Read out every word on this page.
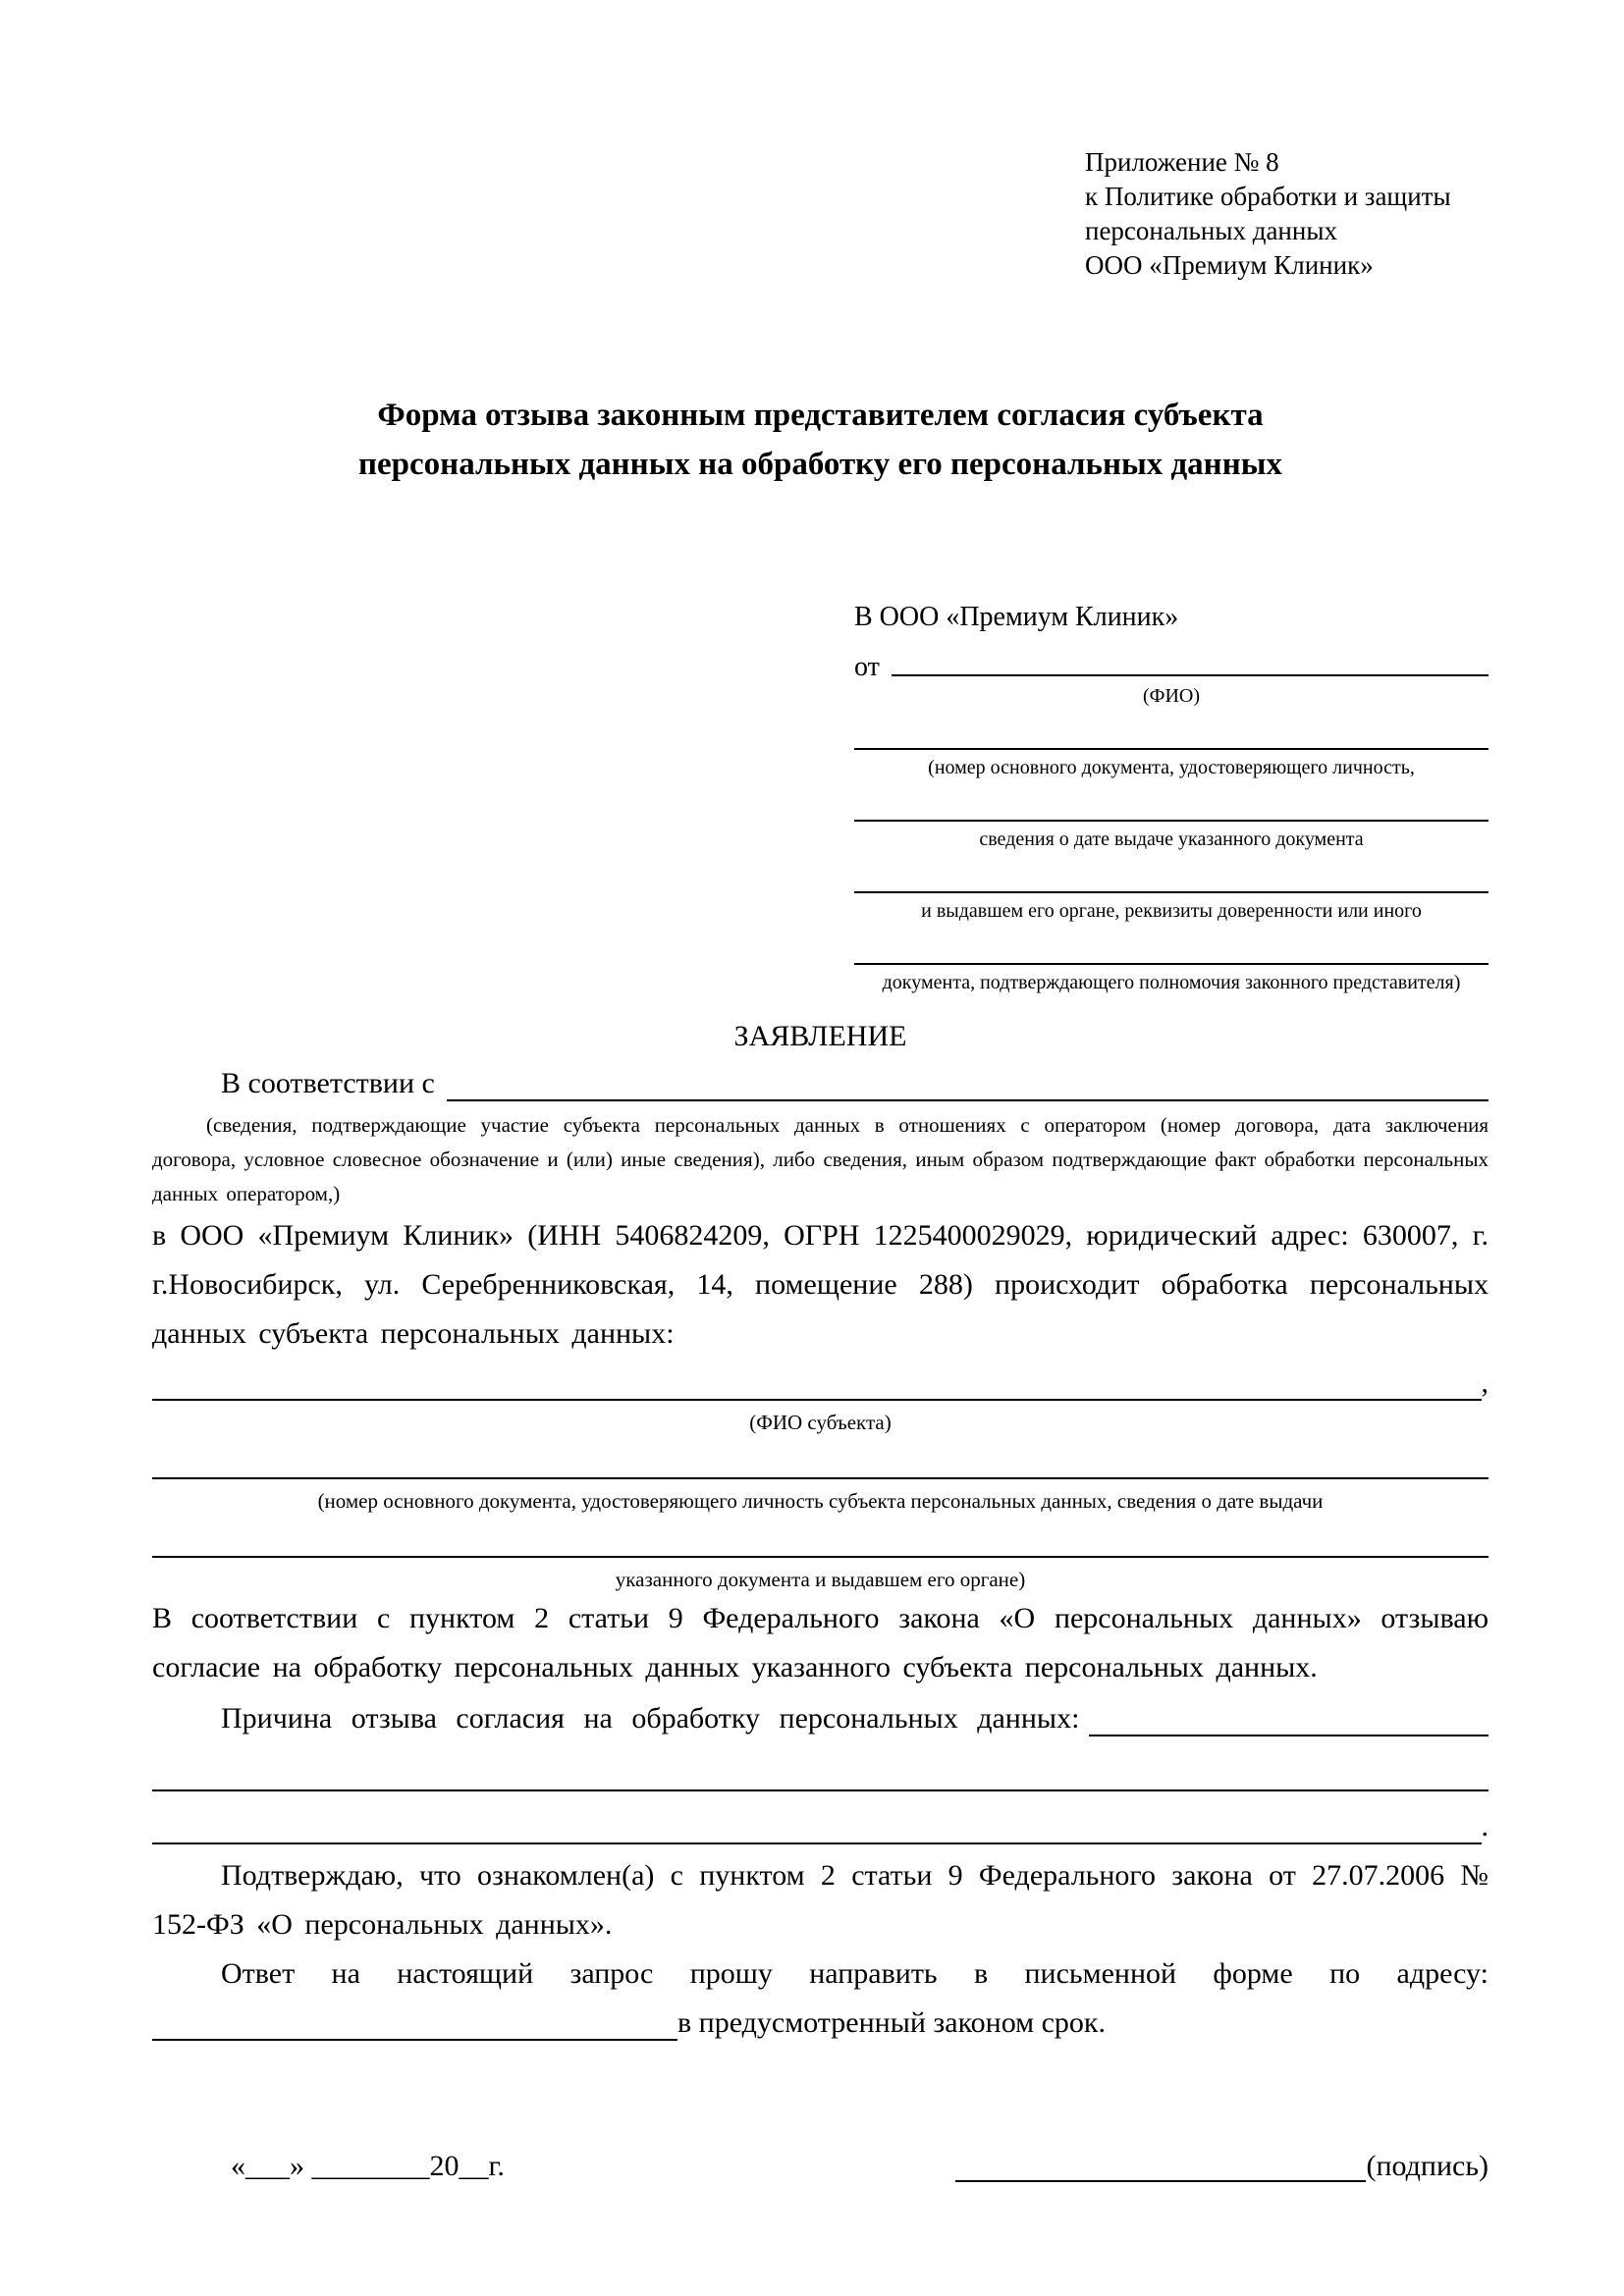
Приложение № 8
к Политике обработки и защиты
персональных данных
ООО «Премиум Клиник»
Форма отзыва законным представителем согласия субъекта
персональных данных на обработку его персональных данных
В ООО «Премиум Клиник»
от
(ФИО)
(номер основного документа, удостоверяющего личность,
сведения о дате выдаче указанного документа
и выдавшем его органе, реквизиты доверенности или иного
документа, подтверждающего полномочия законного представителя)
ЗАЯВЛЕНИЕ
В соответствии с
(сведения, подтверждающие участие субъекта персональных данных в отношениях с оператором (номер договора, дата заключения договора, условное словесное обозначение и (или) иные сведения), либо сведения, иным образом подтверждающие факт обработки персональных данных оператором,)

в ООО «Премиум Клиник» (ИНН 5406824209, ОГРН 1225400029029, юридический адрес: 630007, г. г.Новосибирск, ул. Серебренниковская, 14, помещение 288) происходит обработка персональных данных субъекта персональных данных:

,
(ФИО субъекта)
(номер основного документа, удостоверяющего личность субъекта персональных данных, сведения о дате выдачи
указанного документа и выдавшем его органе)

В соответствии с пунктом 2 статьи 9 Федерального закона «О персональных данных» отзываю согласие на обработку персональных данных указанного субъекта персональных данных.

Причина отзыва согласия на обработку персональных данных:
.

Подтверждаю, что ознакомлен(а) с пунктом 2 статьи 9 Федерального закона от 27.07.2006 № 152-ФЗ «О персональных данных».

Ответ на настоящий запрос прошу направить в письменной форме по адресу:

в предусмотренный законом срок.
«___» ________20__г.	(подпись)
